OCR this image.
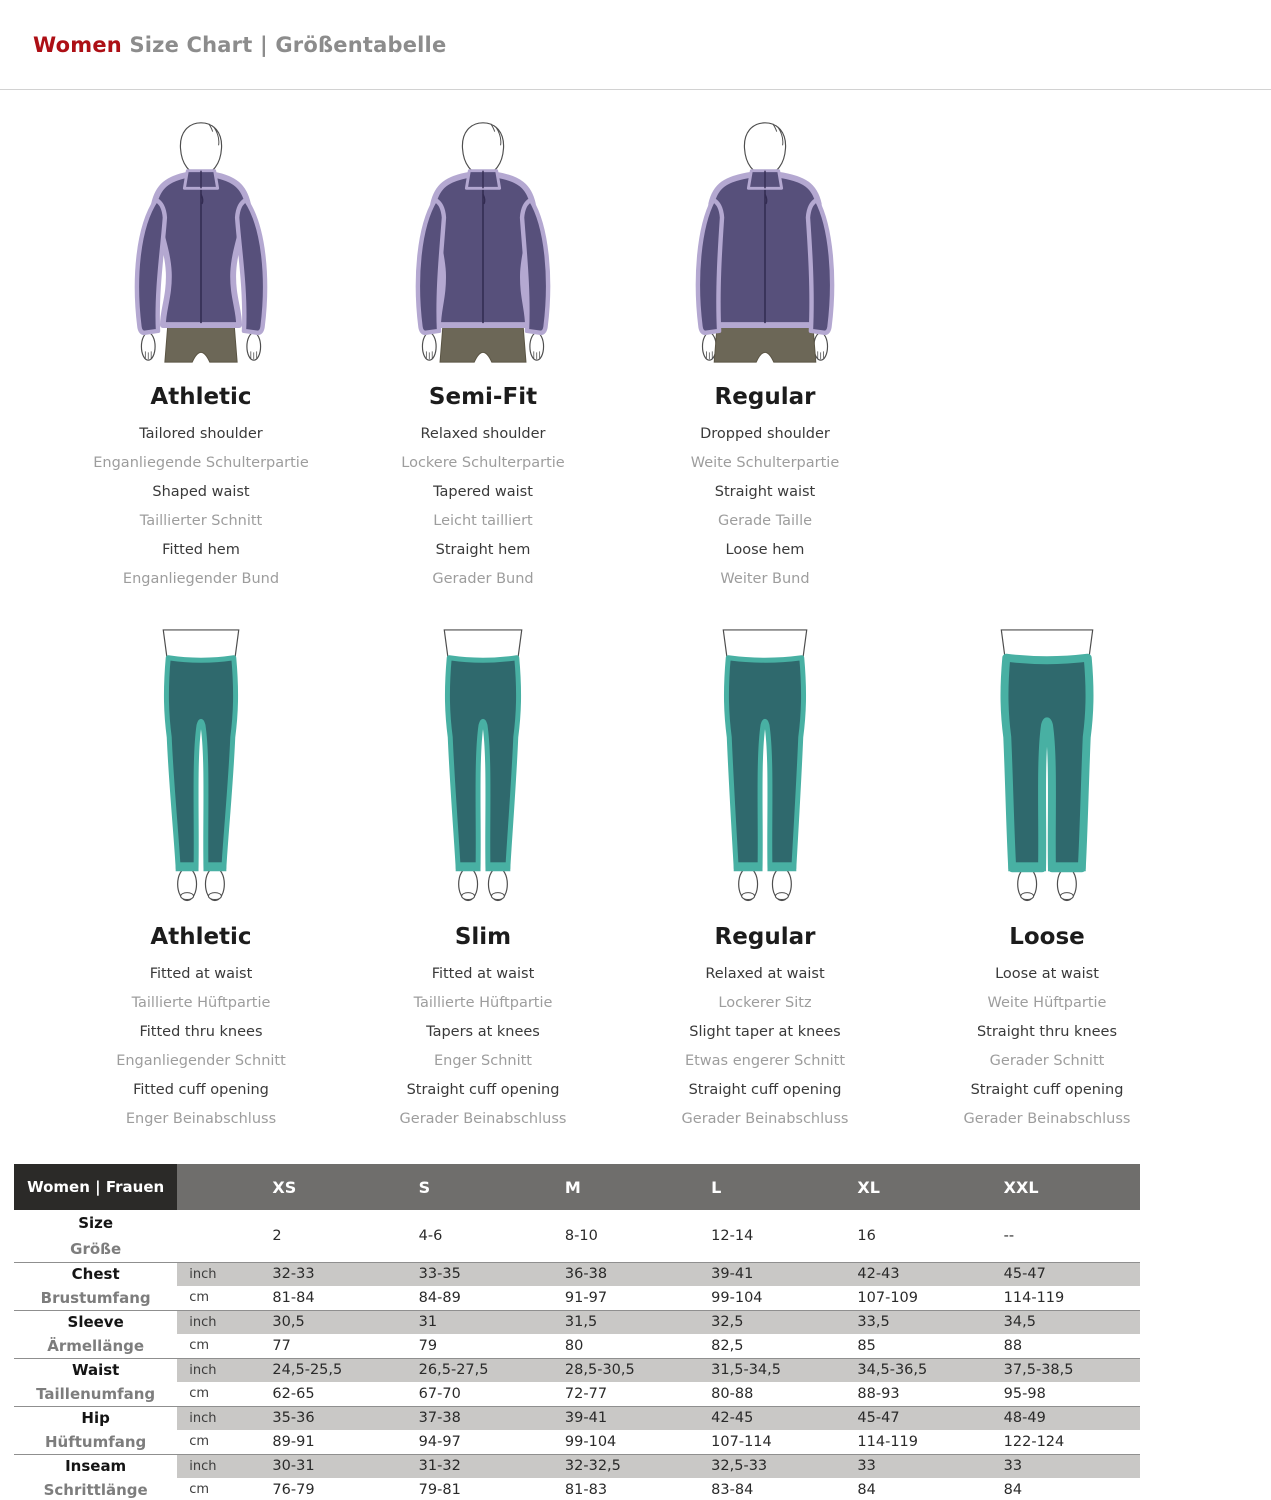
Women Size Chart | Größentabelle
Athletic
Tailored shoulder
Enganliegende Schulterpartie
Shaped waist
Taillierter Schnitt
Fitted hem
Enganliegender Bund
Semi-Fit
Relaxed shoulder
Lockere Schulterpartie
Tapered waist
Leicht tailliert
Straight hem
Gerader Bund
Regular
Dropped shoulder
Weite Schulterpartie
Straight waist
Gerade Taille
Loose hem
Weiter Bund
Athletic
Fitted at waist
Taillierte Hüftpartie
Fitted thru knees
Enganliegender Schnitt
Fitted cuff opening
Enger Beinabschluss
Slim
Fitted at waist
Taillierte Hüftpartie
Tapers at knees
Enger Schnitt
Straight cuff opening
Gerader Beinabschluss
Regular
Relaxed at waist
Lockerer Sitz
Slight taper at knees
Etwas engerer Schnitt
Straight cuff opening
Gerader Beinabschluss
Loose
Loose at waist
Weite Hüftpartie
Straight thru knees
Gerader Schnitt
Straight cuff opening
Gerader Beinabschluss
Women | Frauen		XS	S	M	L	XL	XXL
Size		2	4-6	8-10	12-14	16	--
Größe							
Chest	inch	32-33	33-35	36-38	39-41	42-43	45-47
Brustumfang	cm	81-84	84-89	91-97	99-104	107-109	114-119
Sleeve	inch	30,5	31	31,5	32,5	33,5	34,5
Ärmellänge	cm	77	79	80	82,5	85	88
Waist	inch	24,5-25,5	26,5-27,5	28,5-30,5	31,5-34,5	34,5-36,5	37,5-38,5
Taillenumfang	cm	62-65	67-70	72-77	80-88	88-93	95-98
Hip	inch	35-36	37-38	39-41	42-45	45-47	48-49
Hüftumfang	cm	89-91	94-97	99-104	107-114	114-119	122-124
Inseam	inch	30-31	31-32	32-32,5	32,5-33	33	33
Schrittlänge	cm	76-79	79-81	81-83	83-84	84	84
